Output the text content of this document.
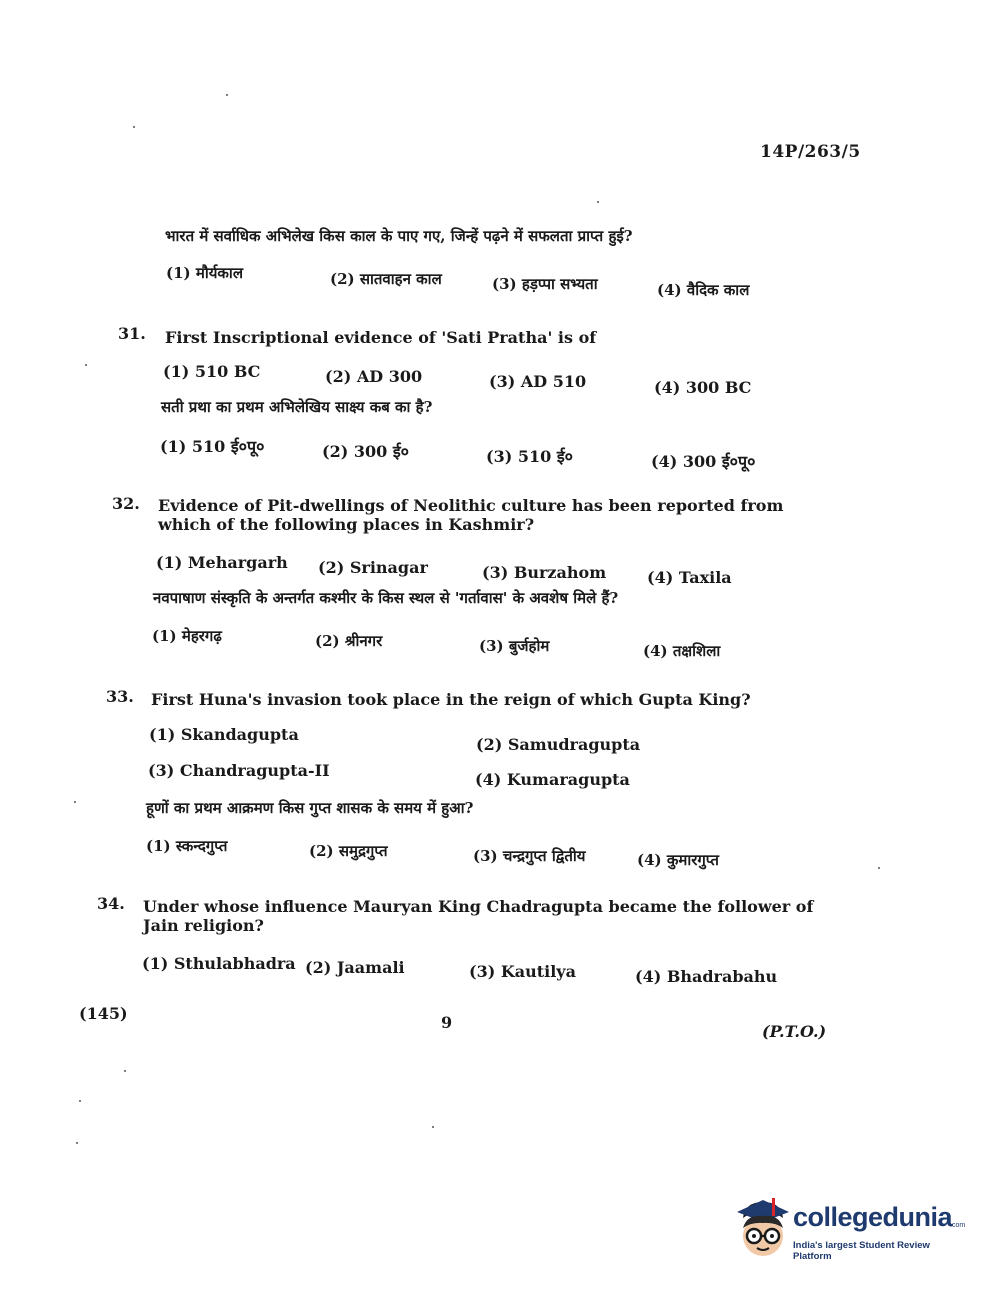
14P/263/5
भारत में सर्वाधिक अभिलेख किस काल के पाए गए, जिन्हें पढ़ने में सफलता प्राप्त हुई?
(1) मौर्यकाल	(2) सातवाहन काल	(3) हड़प्पा सभ्यता	(4) वैदिक काल
31. First Inscriptional evidence of 'Sati Pratha' is of
(1) 510 BC	(2) AD 300	(3) AD 510	(4) 300 BC
सती प्रथा का प्रथम अभिलेखिय साक्ष्य कब का है?
(1) 510 ई०पू०	(2) 300 ई०	(3) 510 ई०	(4) 300 ई०पू०
32. Evidence of Pit-dwellings of Neolithic culture has been reported from which of the following places in Kashmir?
(1) Mehargarh (2) Srinagar	(3) Burzahom	(4) Taxila
नवपाषाण संस्कृति के अन्तर्गत कश्मीर के किस स्थल से 'गर्तावास' के अवशेष मिले हैं?
(1) मेहरगढ़	(2) श्रीनगर	(3) बुर्जहोम	(4) तक्षशिला
33. First Huna's invasion took place in the reign of which Gupta King?
(1) Skandagupta
(2) Samudragupta
(3) Chandragupta-II	(4) Kumaragupta
हूणों का प्रथम आक्रमण किस गुप्त शासक के समय में हुआ?
(1) स्कन्दगुप्त	(2) समुद्रगुप्त	(3) चन्द्रगुप्त द्वितीय	(4) कुमारगुप्त
34. Under whose influence Mauryan King Chadragupta became the follower of Jain religion?
(1) Sthulabhadra (2) Jaamali	(3) Kautilya	(4) Bhadrabahu
(145)	9	(P.T.O.)
collegedunia
.com
India's largest Student Review Platform
